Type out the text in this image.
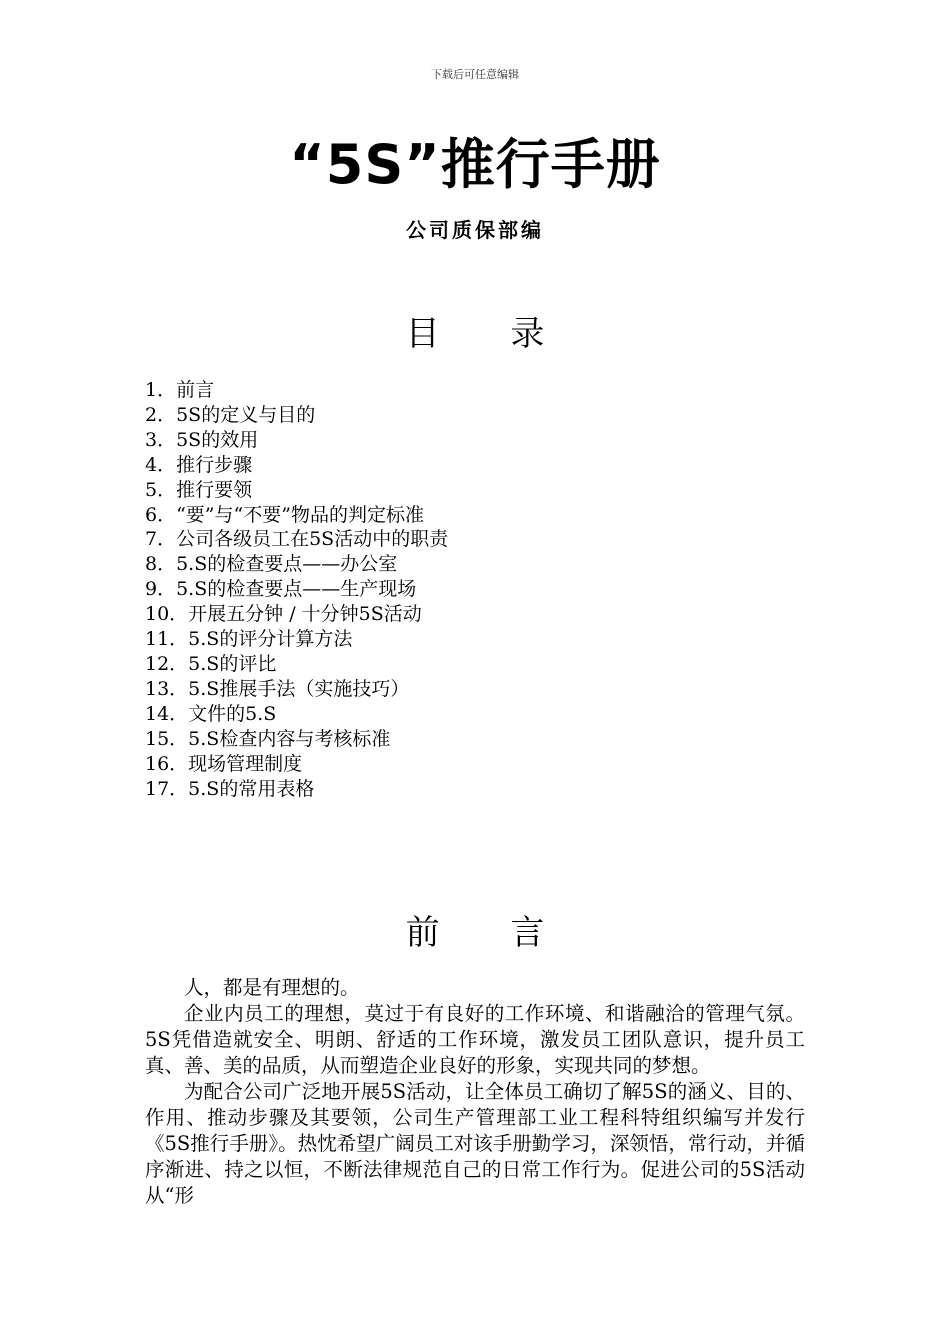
下载后可任意编辑
“5S”推行手册
公司质保部编
目 录
1．前言
2．5S的定义与目的
3．5S的效用
4．推行步骤
5．推行要领
6．“要”与“不要”物品的判定标准
7．公司各级员工在5S活动中的职责
8．5.S的检查要点——办公室
9．5.S的检查要点——生产现场
10．开展五分钟 / 十分钟5S活动
11．5.S的评分计算方法
12．5.S的评比
13．5.S推展手法（实施技巧）
14．文件的5.S
15．5.S检查内容与考核标准
16．现场管理制度
17．5.S的常用表格
前 言

人，都是有理想的。

企业内员工的理想，莫过于有良好的工作环境、和谐融洽的管理气氛。5S凭借造就安全、明朗、舒适的工作环境，激发员工团队意识，提升员工真、善、美的品质，从而塑造企业良好的形象，实现共同的梦想。

为配合公司广泛地开展5S活动，让全体员工确切了解5S的涵义、目的、作用、推动步骤及其要领，公司生产管理部工业工程科特组织编写并发行《5S推行手册》。热忱希望广阔员工对该手册勤学习，深领悟，常行动，并循序渐进、持之以恒，不断法律规范自己的日常工作行为。促进公司的5S活动从“形
